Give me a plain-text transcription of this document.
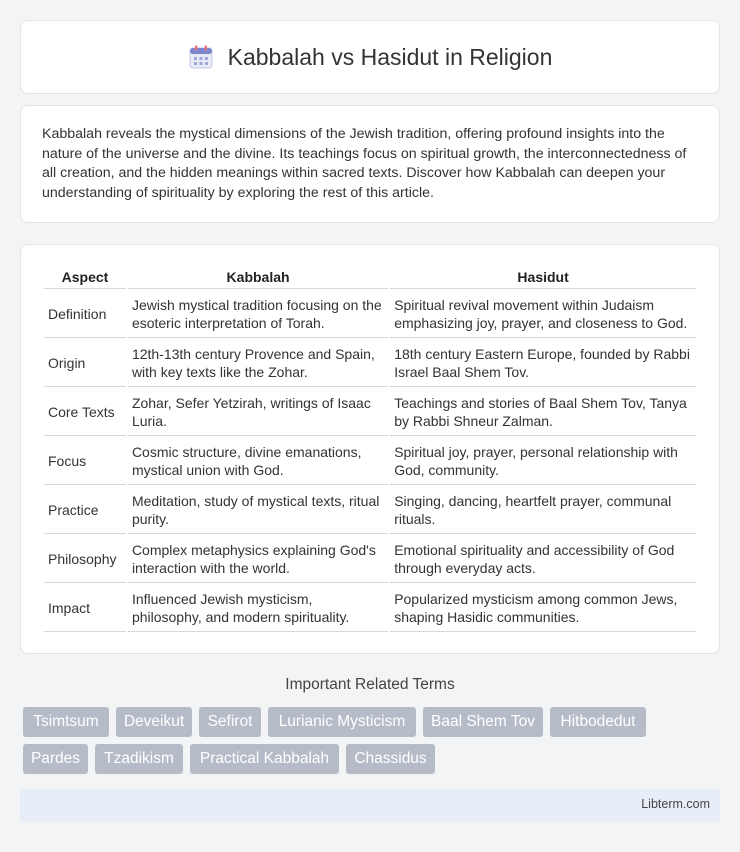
Kabbalah vs Hasidut in Religion

Kabbalah reveals the mystical dimensions of the Jewish tradition, offering profound insights into the nature of the universe and the divine. Its teachings focus on spiritual growth, the interconnectedness of all creation, and the hidden meanings within sacred texts. Discover how Kabbalah can deepen your understanding of spirituality by exploring the rest of this article.

Aspect	Kabbalah	Hasidut
Definition	Jewish mystical tradition focusing on the esoteric interpretation of Torah.	Spiritual revival movement within Judaism emphasizing joy, prayer, and closeness to God.
Origin	12th-13th century Provence and Spain, with key texts like the Zohar.	18th century Eastern Europe, founded by Rabbi Israel Baal Shem Tov.
Core Texts	Zohar, Sefer Yetzirah, writings of Isaac Luria.	Teachings and stories of Baal Shem Tov, Tanya by Rabbi Shneur Zalman.
Focus	Cosmic structure, divine emanations, mystical union with God.	Spiritual joy, prayer, personal relationship with God, community.
Practice	Meditation, study of mystical texts, ritual purity.	Singing, dancing, heartfelt prayer, communal rituals.
Philosophy	Complex metaphysics explaining God's interaction with the world.	Emotional spirituality and accessibility of God through everyday acts.
Impact	Influenced Jewish mysticism, philosophy, and modern spirituality.	Popularized mysticism among common Jews, shaping Hasidic communities.
Important Related Terms
Tsimtsum	Deveikut	Sefirot	Lurianic Mysticism	Baal Shem Tov	Hitbodedut
Pardes	Tzadikism	Practical Kabbalah	Chassidus
Libterm.com
